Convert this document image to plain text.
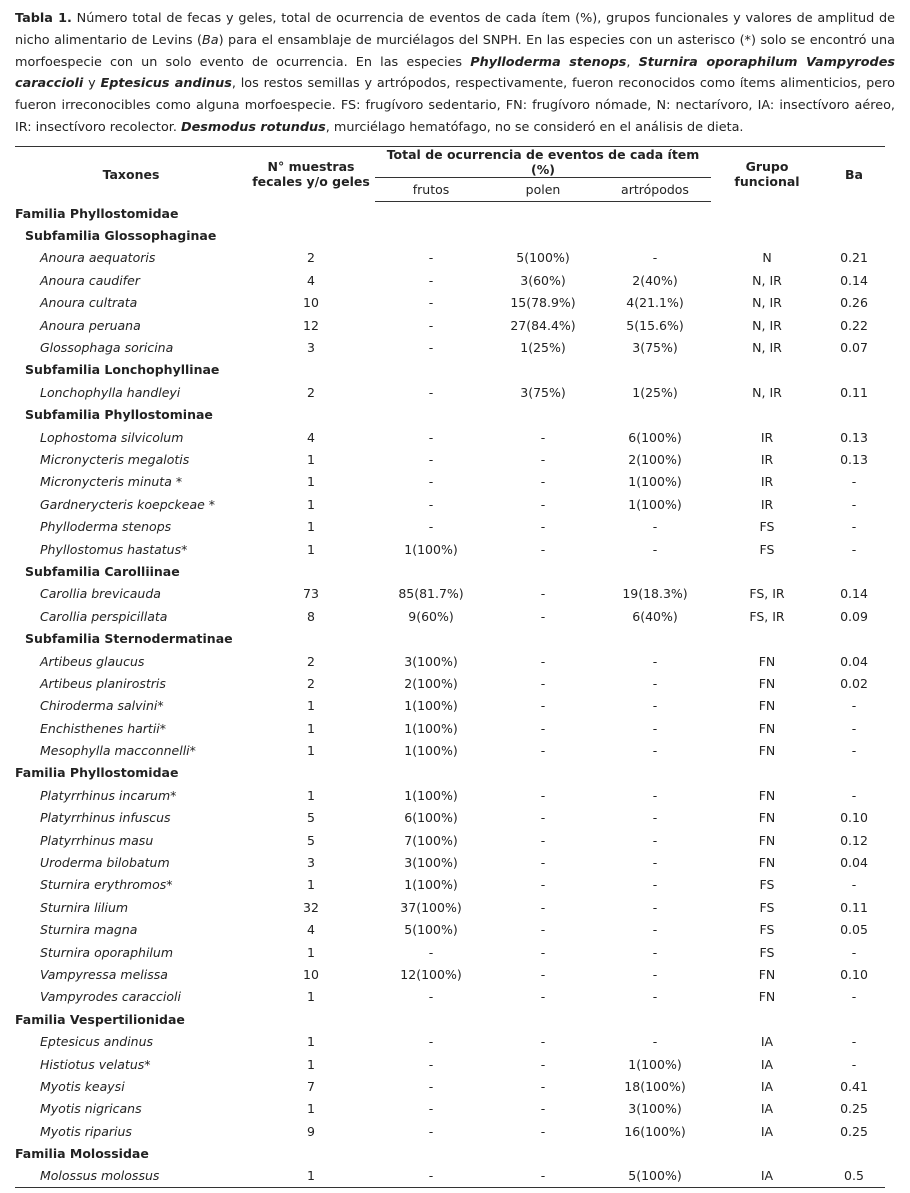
Tabla 1. Número total de fecas y geles, total de ocurrencia de eventos de cada ítem (%), grupos funcionales y valores de amplitud de nicho alimentario de Levins (Ba) para el ensamblaje de murciélagos del SNPH. En las especies con un asterisco (*) solo se encontró una morfoespecie con un solo evento de ocurrencia. En las especies Phylloderma stenops, Sturnira oporaphilum Vampyrodes caraccioli y Eptesicus andinus, los restos semillas y artrópodos, respectivamente, fueron reconocidos como ítems alimenticios, pero fueron irreconocibles como alguna morfoespecie. FS: frugívoro sedentario, FN: frugívoro nómade, N: nectarívoro, IA: insectívoro aéreo, IR: insectívoro recolector. Desmodus rotundus, murciélago hematófago, no se consideró en el análisis de dieta.

Taxones	N° muestras fecales y/o geles	Total de ocurrencia de eventos de cada ítem (%)			Grupo funcional	Ba
		frutos	polen	artrópodos		
Familia Phyllostomidae						
Subfamilia Glossophaginae						
Anoura aequatoris	2	-	5(100%)	-	N	0.21
Anoura caudifer	4	-	3(60%)	2(40%)	N, IR	0.14
Anoura cultrata	10	-	15(78.9%)	4(21.1%)	N, IR	0.26
Anoura peruana	12	-	27(84.4%)	5(15.6%)	N, IR	0.22
Glossophaga soricina	3	-	1(25%)	3(75%)	N, IR	0.07
Subfamilia Lonchophyllinae						
Lonchophylla handleyi	2	-	3(75%)	1(25%)	N, IR	0.11
Subfamilia Phyllostominae						
Lophostoma silvicolum	4	-	-	6(100%)	IR	0.13
Micronycteris megalotis	1	-	-	2(100%)	IR	0.13
Micronycteris minuta *	1	-	-	1(100%)	IR	-
Gardnerycteris koepckeae *	1	-	-	1(100%)	IR	-
Phylloderma stenops	1	-	-	-	FS	-
Phyllostomus hastatus*	1	1(100%)	-	-	FS	-
Subfamilia Carolliinae						
Carollia brevicauda	73	85(81.7%)	-	19(18.3%)	FS, IR	0.14
Carollia perspicillata	8	9(60%)	-	6(40%)	FS, IR	0.09
Subfamilia Sternodermatinae						
Artibeus glaucus	2	3(100%)	-	-	FN	0.04
Artibeus planirostris	2	2(100%)	-	-	FN	0.02
Chiroderma salvini*	1	1(100%)	-	-	FN	-
Enchisthenes hartii*	1	1(100%)	-	-	FN	-
Mesophylla macconnelli*	1	1(100%)	-	-	FN	-
Familia Phyllostomidae						
Platyrrhinus incarum*	1	1(100%)	-	-	FN	-
Platyrrhinus infuscus	5	6(100%)	-	-	FN	0.10
Platyrrhinus masu	5	7(100%)	-	-	FN	0.12
Uroderma bilobatum	3	3(100%)	-	-	FN	0.04
Sturnira erythromos*	1	1(100%)	-	-	FS	-
Sturnira lilium	32	37(100%)	-	-	FS	0.11
Sturnira magna	4	5(100%)	-	-	FS	0.05
Sturnira oporaphilum	1	-	-	-	FS	-
Vampyressa melissa	10	12(100%)	-	-	FN	0.10
Vampyrodes caraccioli	1	-	-	-	FN	-
Familia Vespertilionidae						
Eptesicus andinus	1	-	-	-	IA	-
Histiotus velatus*	1	-	-	1(100%)	IA	-
Myotis keaysi	7	-	-	18(100%)	IA	0.41
Myotis nigricans	1	-	-	3(100%)	IA	0.25
Myotis riparius	9	-	-	16(100%)	IA	0.25
Familia Molossidae						
Molossus molossus	1	-	-	5(100%)	IA	0.5
